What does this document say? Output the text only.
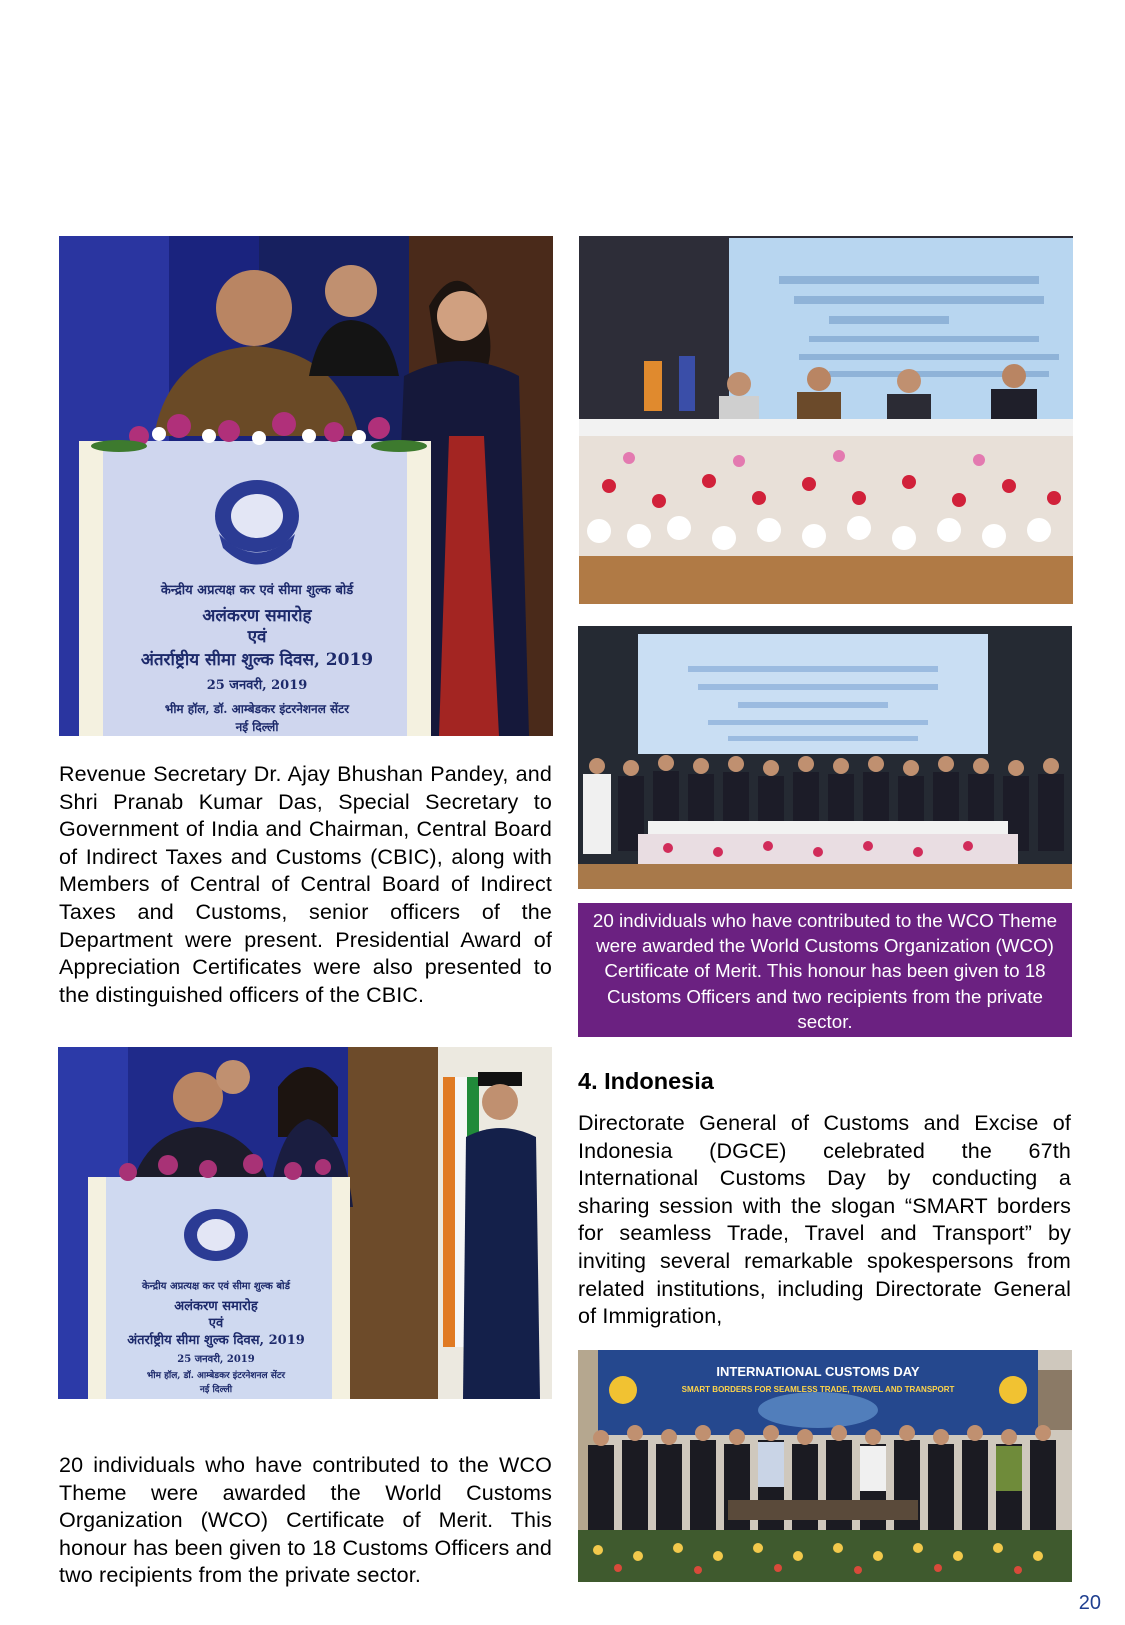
केन्द्रीय अप्रत्यक्ष कर एवं सीमा शुल्क बोर्ड
अलंकरण समारोह
एवं
अंतर्राष्ट्रीय सीमा शुल्क दिवस, 2019
25 जनवरी, 2019
भीम हॉल, डॉ. आम्बेडकर इंटरनेशनल सेंटर
नई दिल्ली

Revenue Secretary Dr. Ajay Bhushan Pandey, and Shri Pranab Kumar Das, Special Secretary to Government of India and Chairman, Central Board of Indirect Taxes and Customs (CBIC), along with Members of Central of Central Board of Indirect Taxes and Customs, senior officers of the Department were present. Presidential Award of Appreciation Certificates were also presented to the distinguished officers of the CBIC.

20 individuals who have contributed to the WCO Theme were awarded the World Customs Organization (WCO) Certificate of Merit. This honour has been given to 18 Customs Officers and two recipients from the private sector.
केन्द्रीय अप्रत्यक्ष कर एवं सीमा शुल्क बोर्ड
अलंकरण समारोह
एवं
अंतर्राष्ट्रीय सीमा शुल्क दिवस, 2019
25 जनवरी, 2019
भीम हॉल, डॉ. आम्बेडकर इंटरनेशनल सेंटर
नई दिल्ली
4. Indonesia

Directorate General of Customs and Excise of Indonesia (DGCE) celebrated the 67th International Customs Day by conducting a sharing session with the slogan “SMART borders for seamless Trade, Travel and Transport” by inviting several remarkable spokespersons from related institutions, including Directorate General of Immigration,

INTERNATIONAL CUSTOMS DAY
SMART BORDERS FOR SEAMLESS TRADE, TRAVEL AND TRANSPORT

20 individuals who have contributed to the WCO Theme were awarded the World Customs Organization (WCO) Certificate of Merit. This honour has been given to 18 Customs Officers and two recipients from the private sector.

20
